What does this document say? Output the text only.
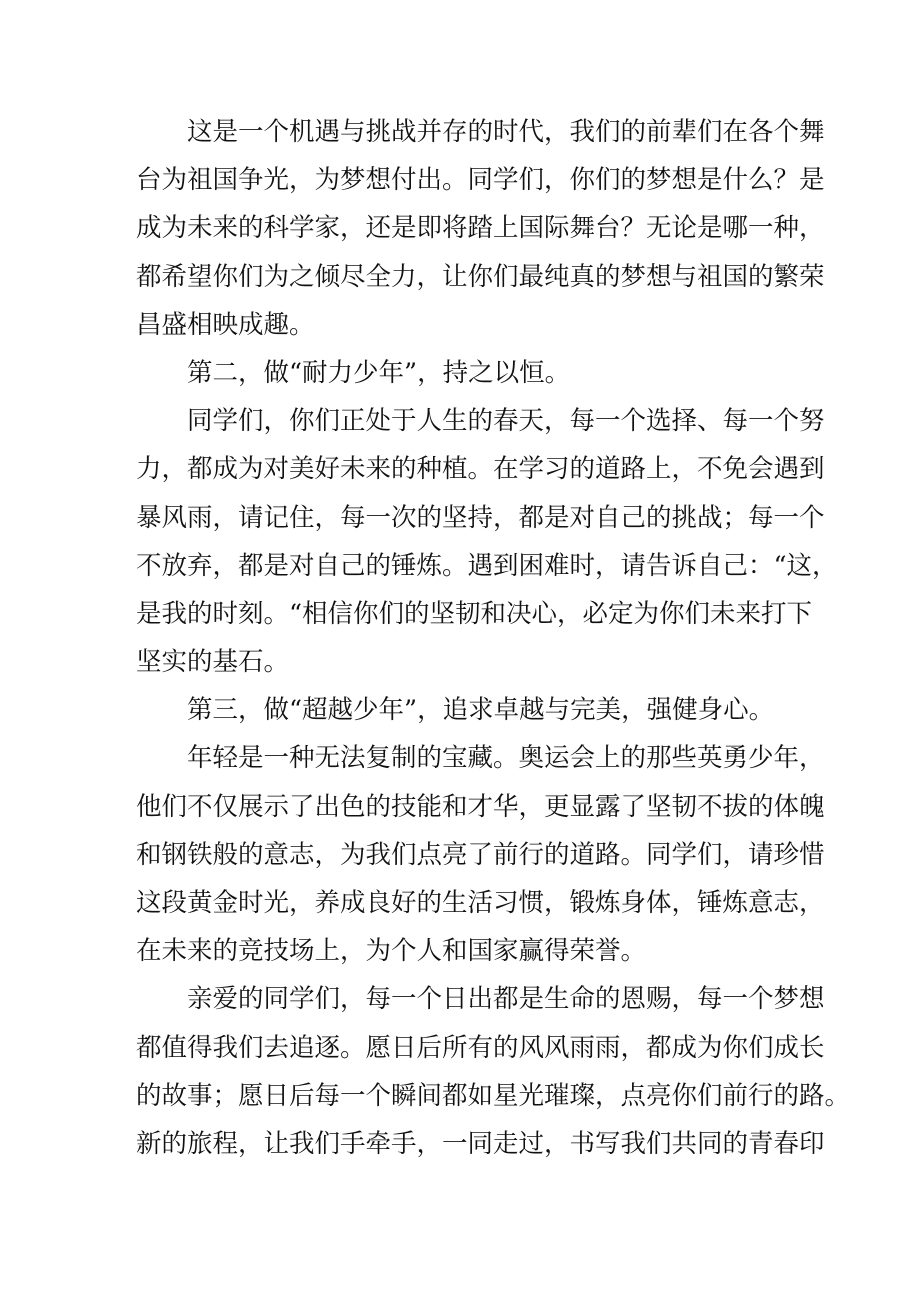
这是一个机遇与挑战并存的时代，我们的前辈们在各个舞
台为祖国争光，为梦想付出。同学们，你们的梦想是什么？是
成为未来的科学家，还是即将踏上国际舞台？无论是哪一种，
都希望你们为之倾尽全力，让你们最纯真的梦想与祖国的繁荣
昌盛相映成趣。
第二，做“耐力少年”，持之以恒。
同学们，你们正处于人生的春天，每一个选择、每一个努
力，都成为对美好未来的种植。在学习的道路上，不免会遇到
暴风雨，请记住，每一次的坚持，都是对自己的挑战；每一个
不放弃，都是对自己的锤炼。遇到困难时，请告诉自己：“这，
是我的时刻。“相信你们的坚韧和决心，必定为你们未来打下
坚实的基石。
第三，做“超越少年”，追求卓越与完美，强健身心。
年轻是一种无法复制的宝藏。奥运会上的那些英勇少年，
他们不仅展示了出色的技能和才华，更显露了坚韧不拔的体魄
和钢铁般的意志，为我们点亮了前行的道路。同学们，请珍惜
这段黄金时光，养成良好的生活习惯，锻炼身体，锤炼意志，
在未来的竞技场上，为个人和国家赢得荣誉。
亲爱的同学们，每一个日出都是生命的恩赐，每一个梦想
都值得我们去追逐。愿日后所有的风风雨雨，都成为你们成长
的故事；愿日后每一个瞬间都如星光璀璨，点亮你们前行的路。
新的旅程，让我们手牵手，一同走过，书写我们共同的青春印
